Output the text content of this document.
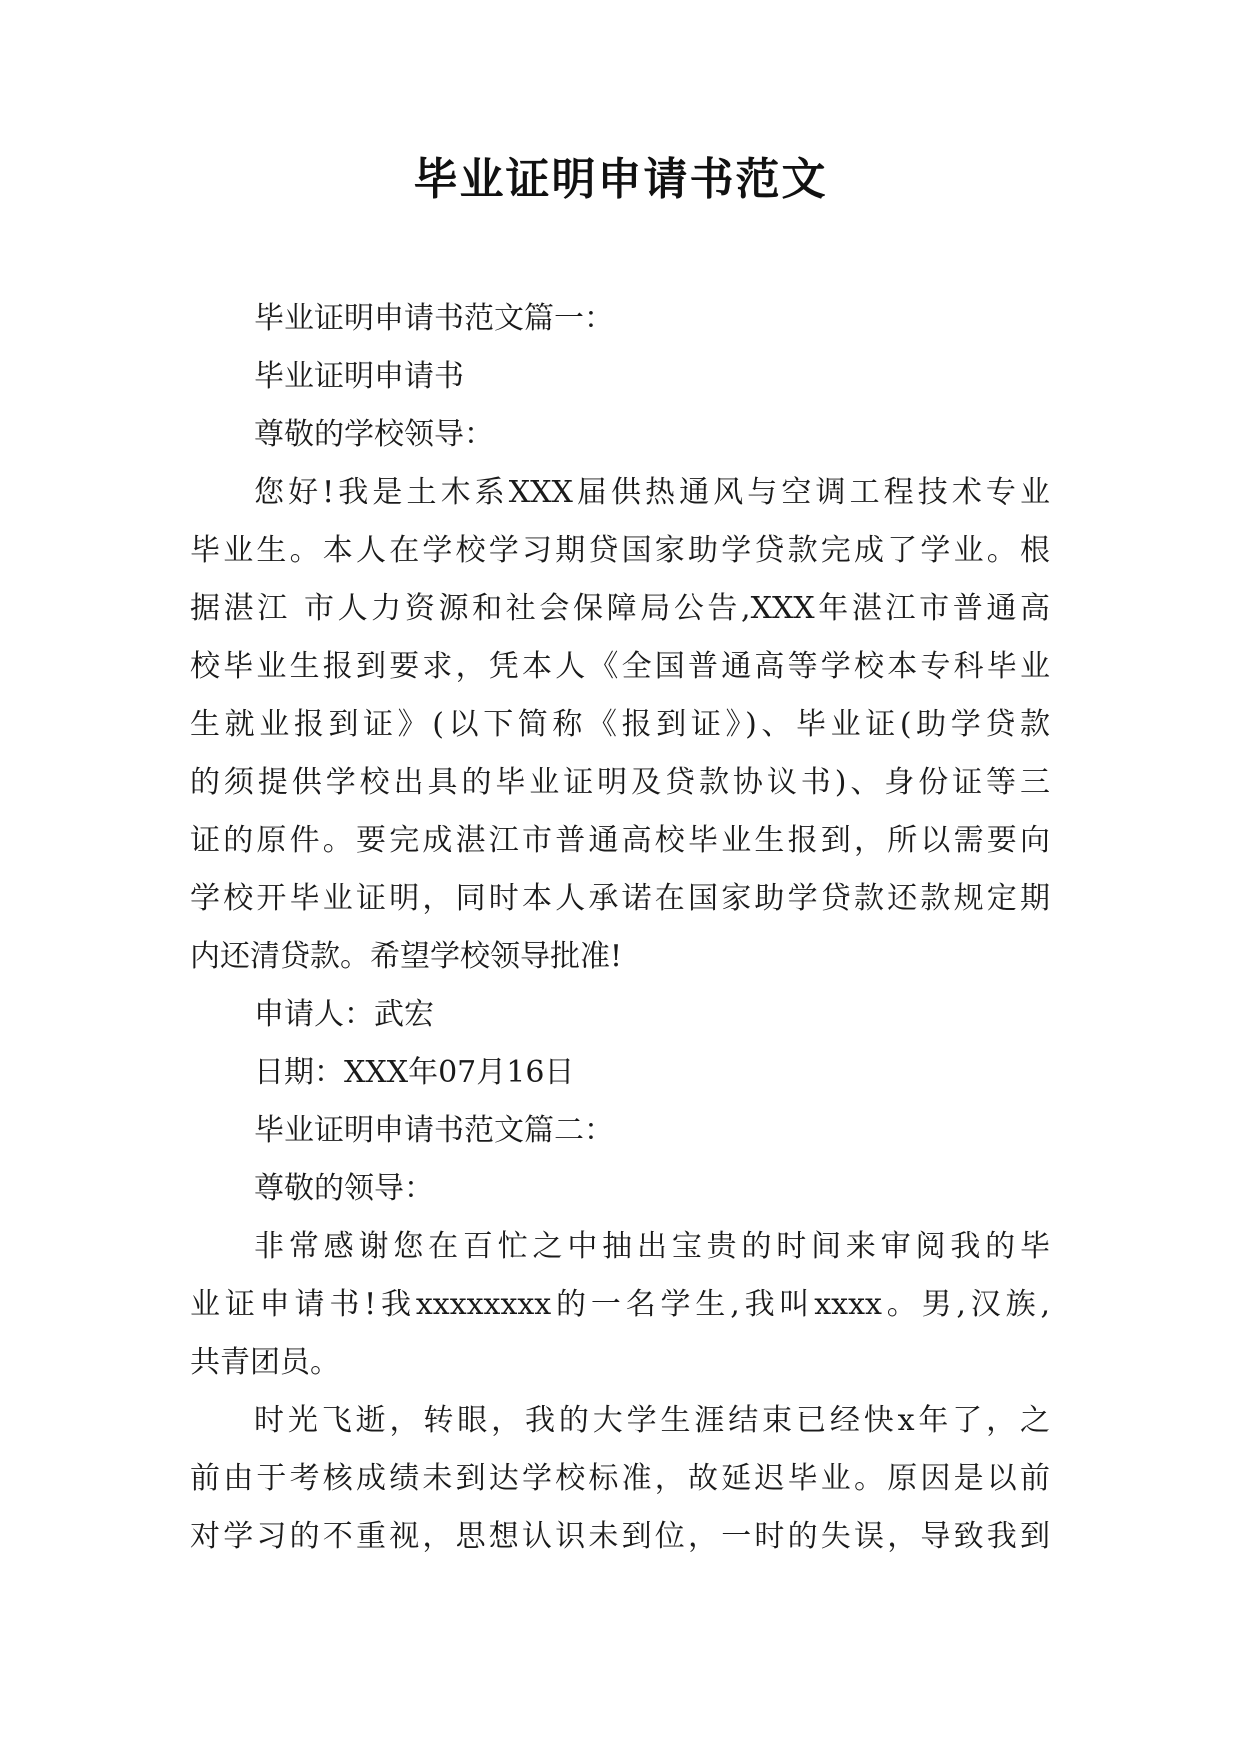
毕业证明申请书范文
毕业证明申请书范文篇一：
毕业证明申请书
尊敬的学校领导：
您好!我是土木系XXX届供热通风与空调工程技术专业
毕业生。本人在学校学习期贷国家助学贷款完成了学业。根
据湛江 市人力资源和社会保障局公告,XXX年湛江市普通高
校毕业生报到要求，凭本人《全国普通高等学校本专科毕业
生就业报到证》(以下简称《报到证》)、毕业证(助学贷款
的须提供学校出具的毕业证明及贷款协议书)、身份证等三
证的原件。要完成湛江市普通高校毕业生报到，所以需要向
学校开毕业证明，同时本人承诺在国家助学贷款还款规定期
内还清贷款。希望学校领导批准!
申请人：武宏
日期：XXX年07月16日
毕业证明申请书范文篇二：
尊敬的领导：
非常感谢您在百忙之中抽出宝贵的时间来审阅我的毕
业证申请书!我xxxxxxxx的一名学生,我叫xxxx。男,汉族,
共青团员。
时光飞逝，转眼，我的大学生涯结束已经快x年了，之
前由于考核成绩未到达学校标准，故延迟毕业。原因是以前
对学习的不重视，思想认识未到位，一时的失误，导致我到
